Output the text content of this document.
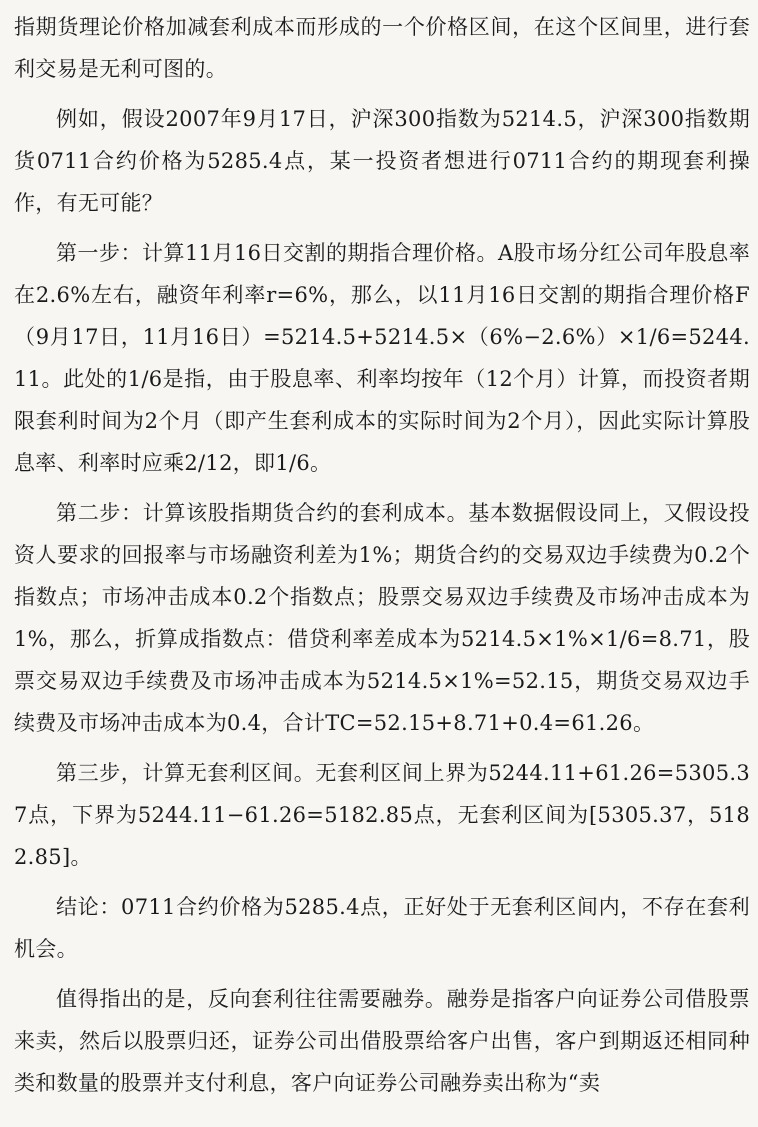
指期货理论价格加减套利成本而形成的一个价格区间，在这个区间里，进行套利交易是无利可图的。

例如，假设2007年9月17日，沪深300指数为5214.5，沪深300指数期货0711合约价格为5285.4点，某一投资者想进行0711合约的期现套利操作，有无可能？

第一步：计算11月16日交割的期指合理价格。A股市场分红公司年股息率在2.6%左右，融资年利率r=6%，那么，以11月16日交割的期指合理价格F（9月17日，11月16日）=5214.5+5214.5×（6%−2.6%）×1/6=5244.11。此处的1/6是指，由于股息率、利率均按年（12个月）计算，而投资者期限套利时间为2个月（即产生套利成本的实际时间为2个月），因此实际计算股息率、利率时应乘2/12，即1/6。

第二步：计算该股指期货合约的套利成本。基本数据假设同上，又假设投资人要求的回报率与市场融资利差为1%；期货合约的交易双边手续费为0.2个指数点；市场冲击成本0.2个指数点；股票交易双边手续费及市场冲击成本为1%，那么，折算成指数点：借贷利率差成本为5214.5×1%×1/6=8.71，股票交易双边手续费及市场冲击成本为5214.5×1%=52.15，期货交易双边手续费及市场冲击成本为0.4，合计TC=52.15+8.71+0.4=61.26。

第三步，计算无套利区间。无套利区间上界为5244.11+61.26=5305.37点，下界为5244.11−61.26=5182.85点，无套利区间为[5305.37，5182.85]。

结论：0711合约价格为5285.4点，正好处于无套利区间内，不存在套利机会。

值得指出的是，反向套利往往需要融券。融券是指客户向证券公司借股票来卖，然后以股票归还，证券公司出借股票给客户出售，客户到期返还相同种类和数量的股票并支付利息，客户向证券公司融券卖出称为“卖
